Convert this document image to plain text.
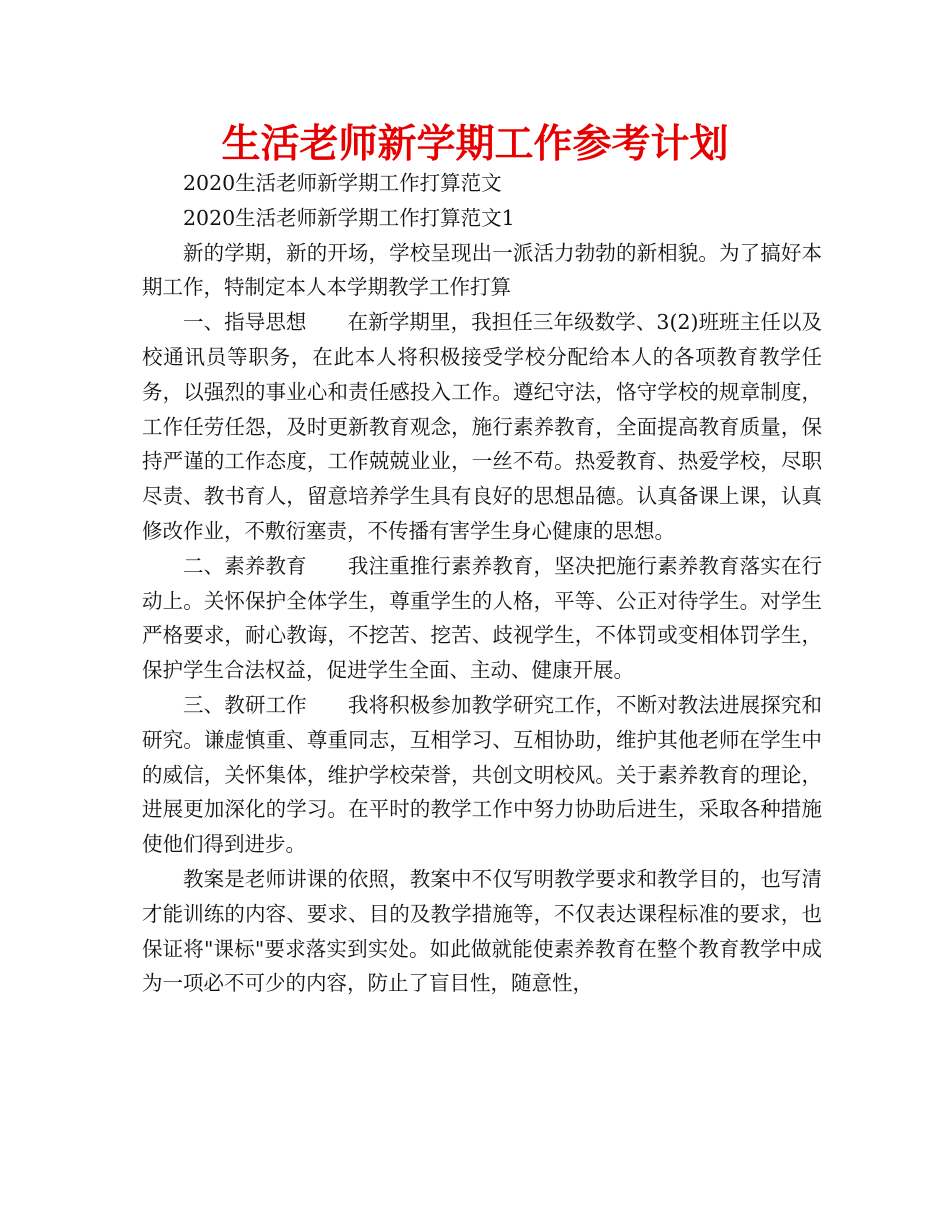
生活老师新学期工作参考计划

2020生活老师新学期工作打算范文

2020生活老师新学期工作打算范文1

新的学期，新的开场，学校呈现出一派活力勃勃的新相貌。为了搞好本期工作，特制定本人本学期教学工作打算

一、指导思想　　在新学期里，我担任三年级数学、3(2)班班主任以及校通讯员等职务，在此本人将积极接受学校分配给本人的各项教育教学任务，以强烈的事业心和责任感投入工作。遵纪守法，恪守学校的规章制度，工作任劳任怨，及时更新教育观念，施行素养教育，全面提高教育质量，保持严谨的工作态度，工作兢兢业业，一丝不苟。热爱教育、热爱学校，尽职尽责、教书育人，留意培养学生具有良好的思想品德。认真备课上课，认真修改作业，不敷衍塞责，不传播有害学生身心健康的思想。

二、素养教育　　我注重推行素养教育，坚决把施行素养教育落实在行动上。关怀保护全体学生，尊重学生的人格，平等、公正对待学生。对学生严格要求，耐心教诲，不挖苦、挖苦、歧视学生，不体罚或变相体罚学生，保护学生合法权益，促进学生全面、主动、健康开展。

三、教研工作　　我将积极参加教学研究工作，不断对教法进展探究和研究。谦虚慎重、尊重同志，互相学习、互相协助，维护其他老师在学生中的威信，关怀集体，维护学校荣誉，共创文明校风。关于素养教育的理论，进展更加深化的学习。在平时的教学工作中努力协助后进生，采取各种措施使他们得到进步。

教案是老师讲课的依照，教案中不仅写明教学要求和教学目的，也写清才能训练的内容、要求、目的及教学措施等，不仅表达课程标准的要求，也保证将"课标"要求落实到实处。如此做就能使素养教育在整个教育教学中成为一项必不可少的内容，防止了盲目性，随意性，
